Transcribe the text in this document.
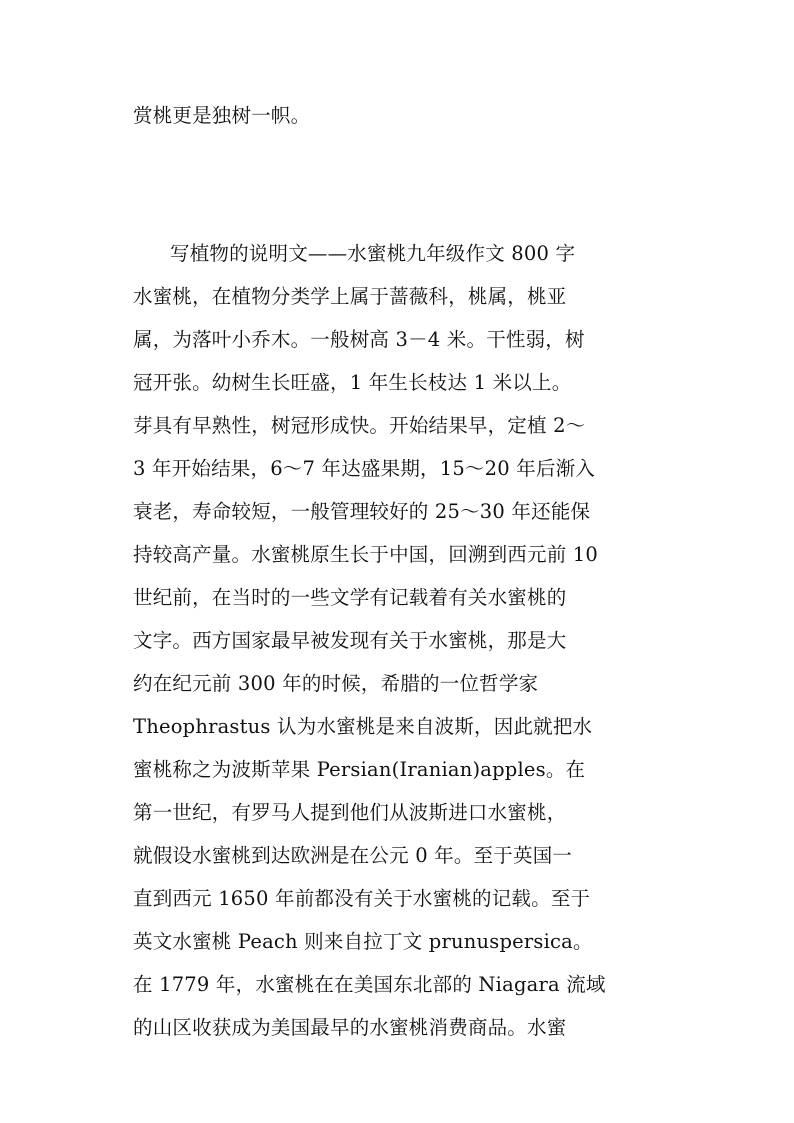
赏桃更是独树一帜。
写植物的说明文——水蜜桃九年级作文 800 字
水蜜桃，在植物分类学上属于蔷薇科，桃属，桃亚
属，为落叶小乔木。一般树高 3－4 米。干性弱，树
冠开张。幼树生长旺盛，1 年生长枝达 1 米以上。
芽具有早熟性，树冠形成快。开始结果早，定植 2～
3 年开始结果，6～7 年达盛果期，15～20 年后渐入
衰老，寿命较短，一般管理较好的 25～30 年还能保
持较高产量。水蜜桃原生长于中国，回溯到西元前 10
世纪前，在当时的一些文学有记载着有关水蜜桃的
文字。西方国家最早被发现有关于水蜜桃，那是大
约在纪元前 300 年的时候，希腊的一位哲学家
Theophrastus 认为水蜜桃是来自波斯，因此就把水
蜜桃称之为波斯苹果 Persian(Iranian)apples。在
第一世纪，有罗马人提到他们从波斯进口水蜜桃，
就假设水蜜桃到达欧洲是在公元 0 年。至于英国一
直到西元 1650 年前都没有关于水蜜桃的记载。至于
英文水蜜桃 Peach 则来自拉丁文 prunuspersica。
在 1779 年，水蜜桃在在美国东北部的 Niagara 流域
的山区收获成为美国最早的水蜜桃消费商品。水蜜
